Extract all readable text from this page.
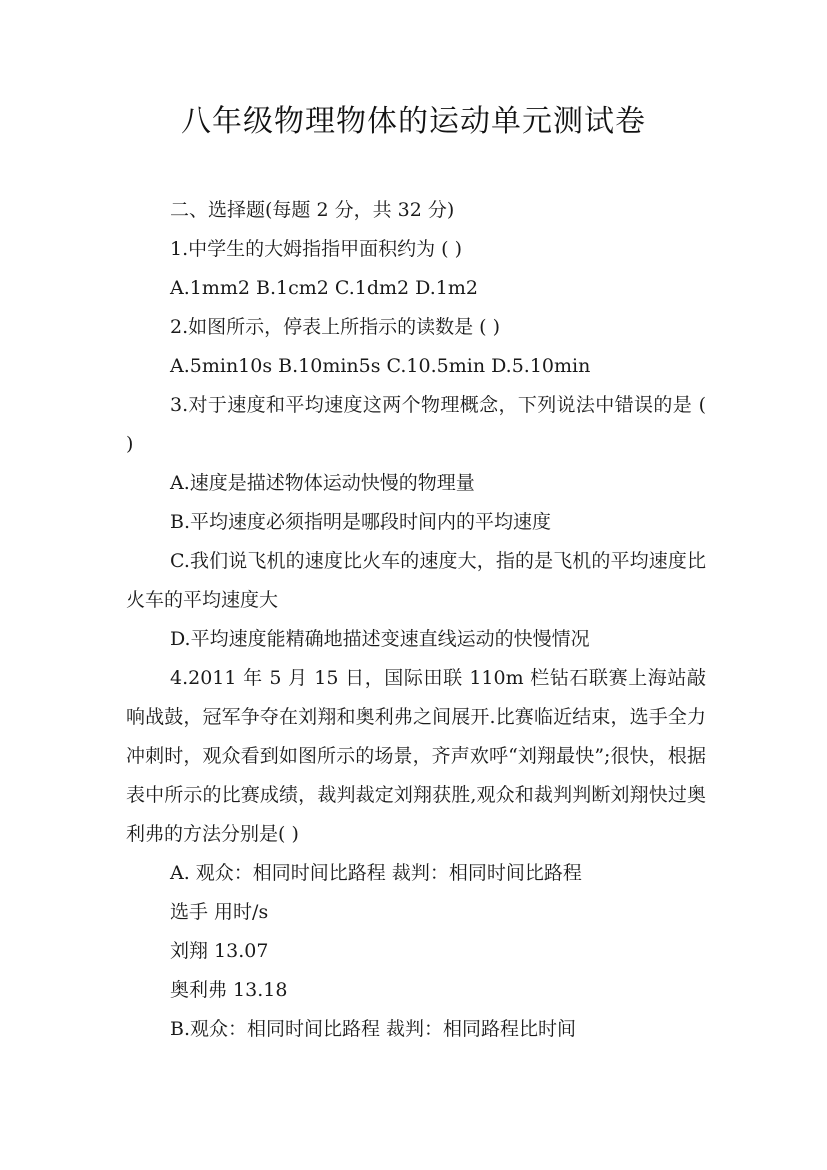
八年级物理物体的运动单元测试卷

二、选择题(每题 2 分，共 32 分)

1.中学生的大姆指指甲面积约为 ( )

A.1mm2 B.1cm2 C.1dm2 D.1m2

2.如图所示，停表上所指示的读数是 ( )

A.5min10s B.10min5s C.10.5min D.5.10min

3.对于速度和平均速度这两个物理概念，下列说法中错误的是 ( )

A.速度是描述物体运动快慢的物理量

B.平均速度必须指明是哪段时间内的平均速度

C.我们说飞机的速度比火车的速度大，指的是飞机的平均速度比火车的平均速度大

D.平均速度能精确地描述变速直线运动的快慢情况

4.2011 年 5 月 15 日，国际田联 110m 栏钻石联赛上海站敲响战鼓，冠军争夺在刘翔和奥利弗之间展开.比赛临近结束，选手全力冲刺时，观众看到如图所示的场景，齐声欢呼“刘翔最快”;很快，根据表中所示的比赛成绩，裁判裁定刘翔获胜,观众和裁判判断刘翔快过奥利弗的方法分别是( )

A. 观众：相同时间比路程 裁判：相同时间比路程

选手 用时/s

刘翔 13.07

奥利弗 13.18

B.观众：相同时间比路程 裁判：相同路程比时间
